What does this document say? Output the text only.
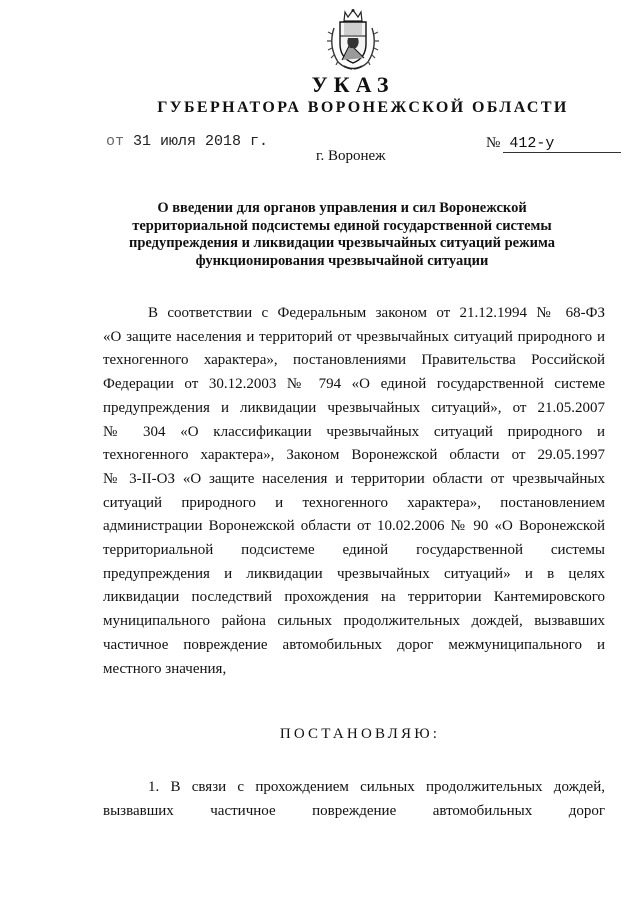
УКАЗ
ГУБЕРНАТОРА ВОРОНЕЖСКОЙ ОБЛАСТИ
от 31 июля 2018 г.	№ 412-у
г. Воронеж
О введении для органов управления и сил Воронежской
территориальной подсистемы единой государственной системы
предупреждения и ликвидации чрезвычайных ситуаций режима
функционирования чрезвычайной ситуации
В соответствии с Федеральным законом от 21.12.1994 № 68-ФЗ
«О защите населения и территорий от чрезвычайных ситуаций природного и
техногенного характера», постановлениями Правительства Российской
Федерации от 30.12.2003 № 794 «О единой государственной системе
предупреждения и ликвидации чрезвычайных ситуаций», от 21.05.2007
№ 304 «О классификации чрезвычайных ситуаций природного и
техногенного характера», Законом Воронежской области от 29.05.1997
№ 3-II-ОЗ «О защите населения и территории области от чрезвычайных
ситуаций природного и техногенного характера», постановлением
администрации Воронежской области от 10.02.2006 № 90 «О Воронежской
территориальной подсистеме единой государственной системы
предупреждения и ликвидации чрезвычайных ситуаций» и в целях
ликвидации последствий прохождения на территории Кантемировского
муниципального района сильных продолжительных дождей, вызвавших
частичное повреждение автомобильных дорог межмуниципального и
местного значения,
ПОСТАНОВЛЯЮ:
1. В связи с прохождением сильных продолжительных дождей,
вызвавших частичное повреждение автомобильных дорог
